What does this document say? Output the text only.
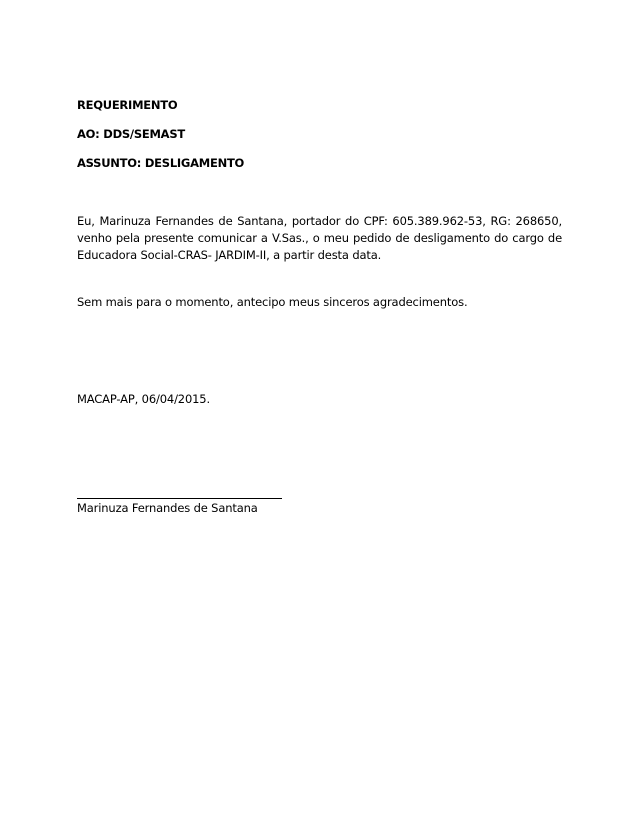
REQUERIMENTO
AO: DDS/SEMAST
ASSUNTO: DESLIGAMENTO
Eu, Marinuza Fernandes de Santana, portador do CPF: 605.389.962-53, RG: 268650, venho pela presente comunicar a V.Sas., o meu pedido de desligamento do cargo de Educadora Social-CRAS- JARDIM-II, a partir desta data.
Sem mais para o momento, antecipo meus sinceros agradecimentos.
MACAP-AP, 06/04/2015.
Marinuza Fernandes de Santana
